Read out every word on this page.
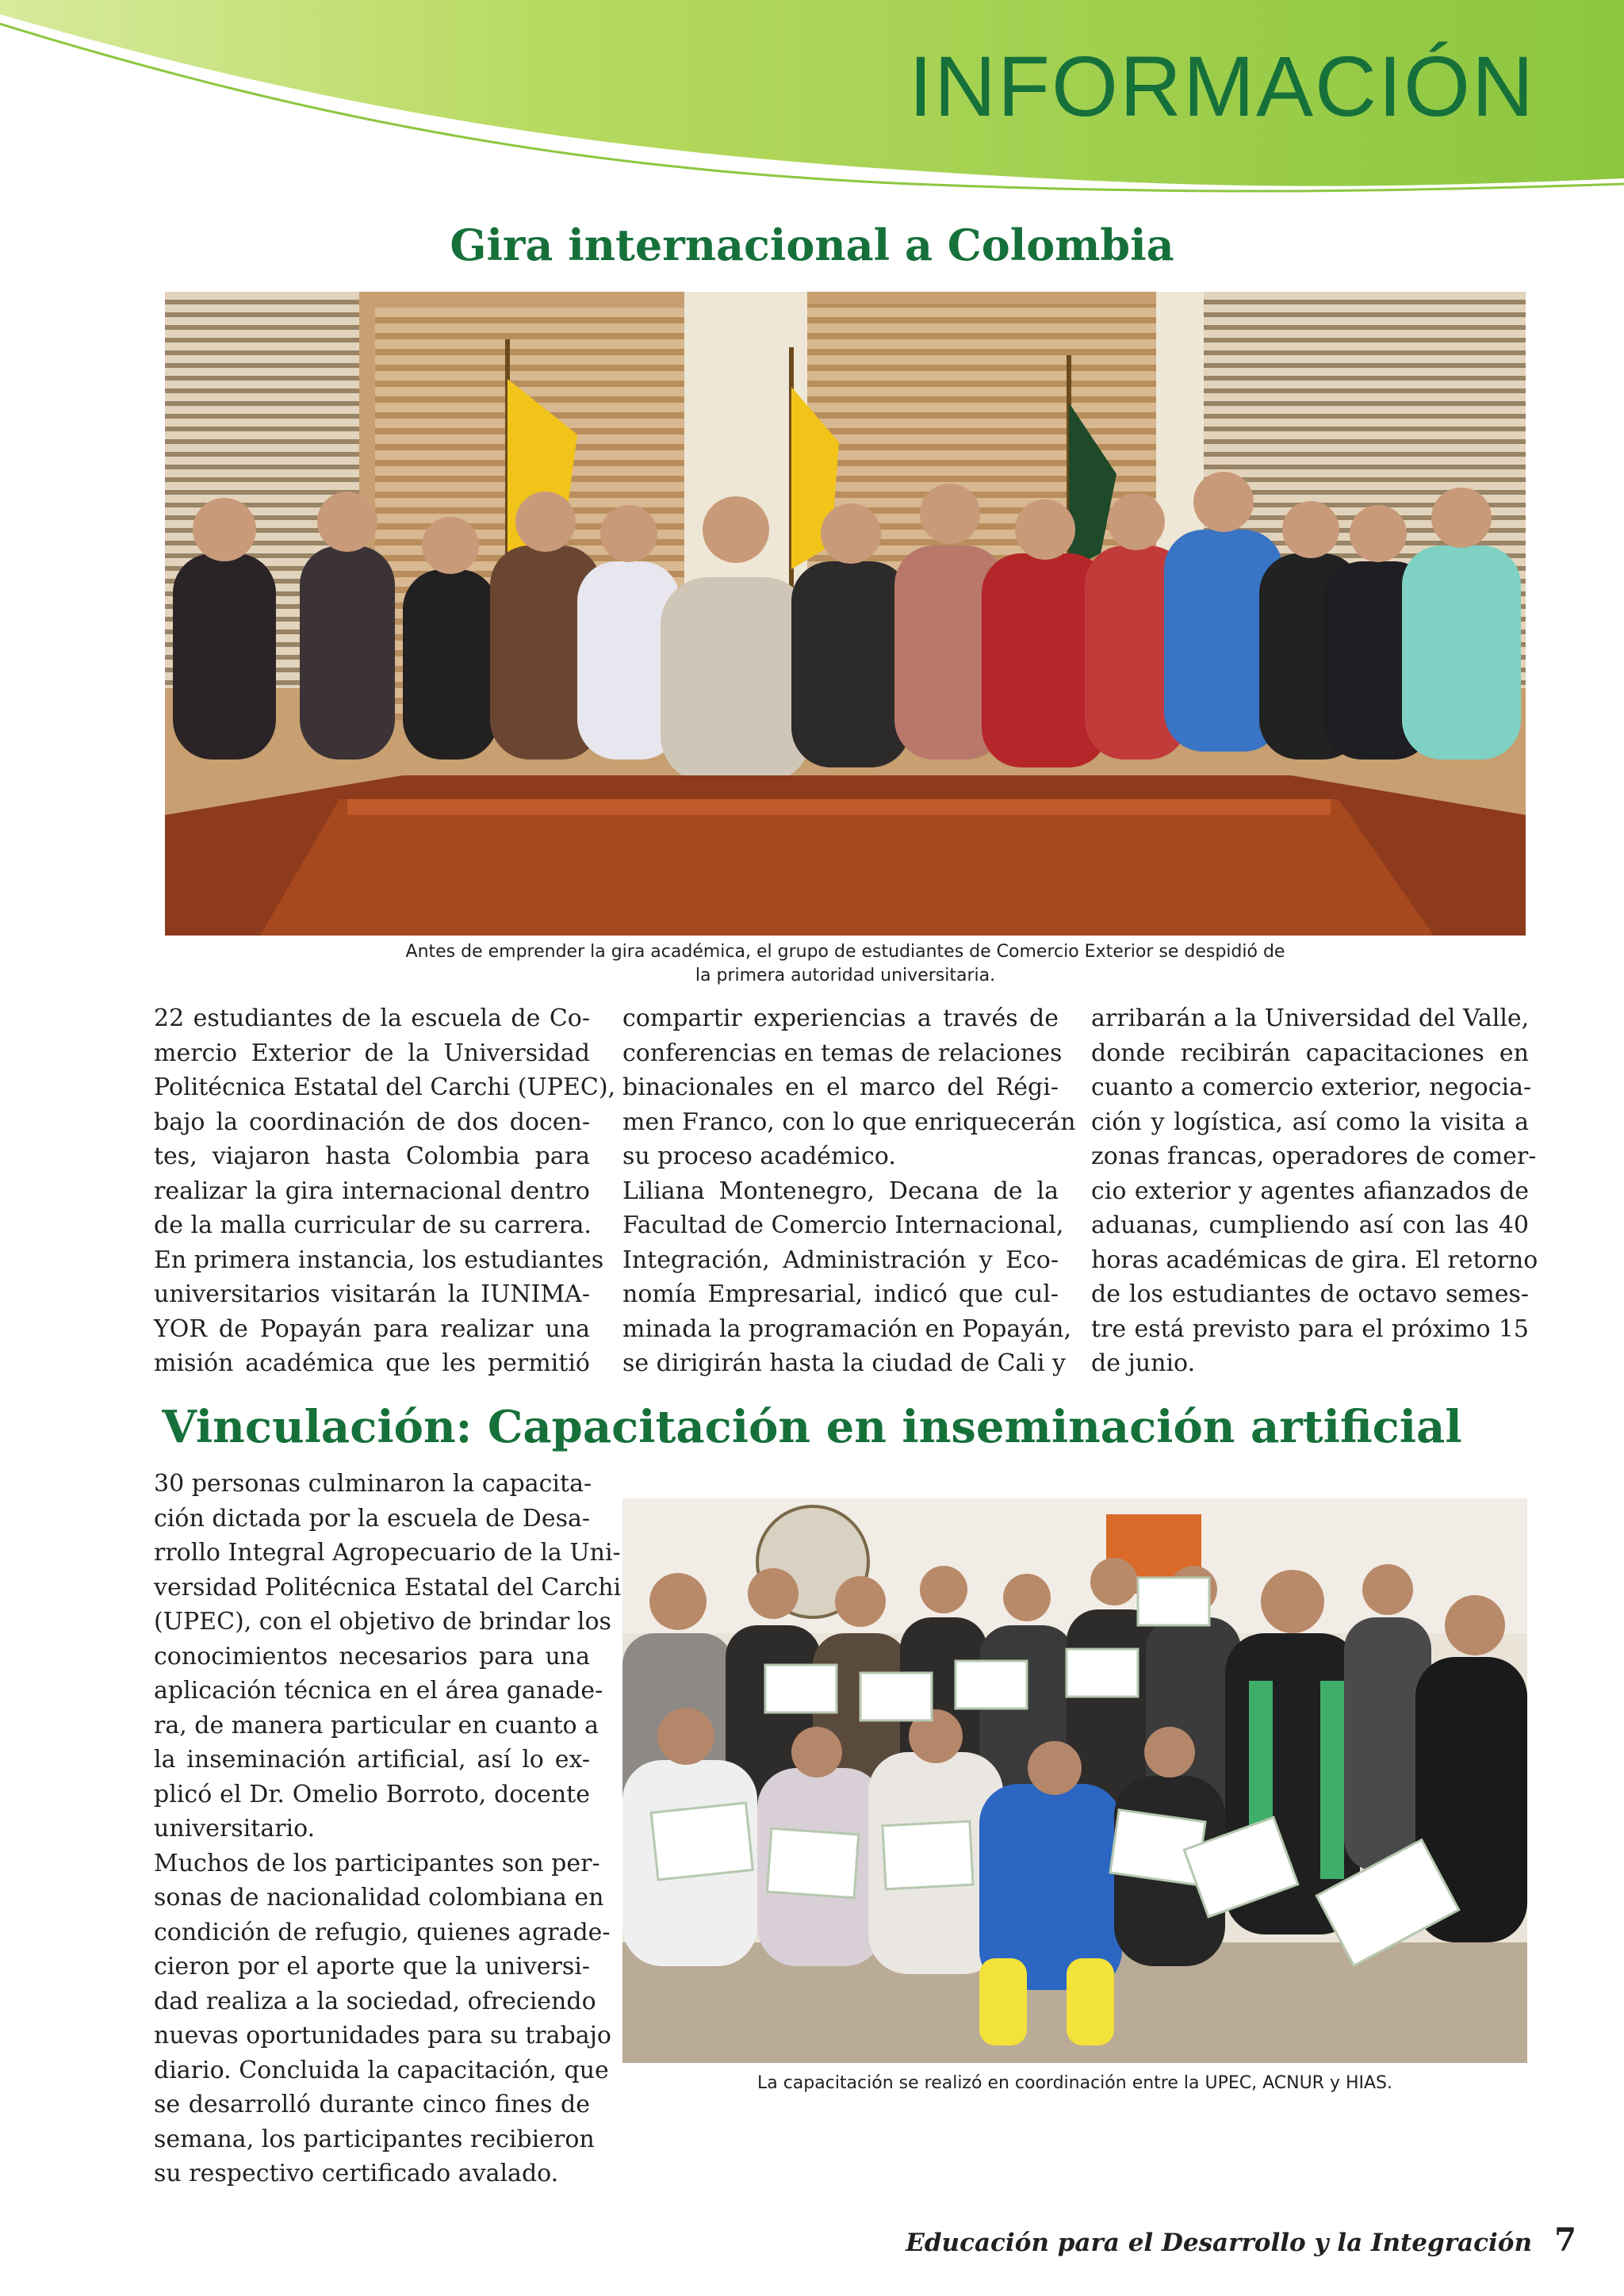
INFORMACIÓN
Gira internacional a Colombia
Antes de emprender la gira académica, el grupo de estudiantes de Comercio Exterior se despidió de
la primera autoridad universitaria.
22 estudiantes de la escuela de Co-
mercio Exterior de la Universidad
Politécnica Estatal del Carchi (UPEC),
bajo la coordinación de dos docen-
tes, viajaron hasta Colombia para
realizar la gira internacional dentro
de la malla curricular de su carrera.
En primera instancia, los estudiantes
universitarios visitarán la IUNIMA-
YOR de Popayán para realizar una
misión académica que les permitió
compartir experiencias a través de
conferencias en temas de relaciones
binacionales en el marco del Régi-
men Franco, con lo que enriquecerán
su proceso académico.
Liliana Montenegro, Decana de la
Facultad de Comercio Internacional,
Integración, Administración y Eco-
nomía Empresarial, indicó que cul-
minada la programación en Popayán,
se dirigirán hasta la ciudad de Cali y
arribarán a la Universidad del Valle,
donde recibirán capacitaciones en
cuanto a comercio exterior, negocia-
ción y logística, así como la visita a
zonas francas, operadores de comer-
cio exterior y agentes afianzados de
aduanas, cumpliendo así con las 40
horas académicas de gira. El retorno
de los estudiantes de octavo semes-
tre está previsto para el próximo 15
de junio.
Vinculación: Capacitación en inseminación artificial
30 personas culminaron la capacita-
ción dictada por la escuela de Desa-
rrollo Integral Agropecuario de la Uni-
versidad Politécnica Estatal del Carchi
(UPEC), con el objetivo de brindar los
conocimientos necesarios para una
aplicación técnica en el área ganade-
ra, de manera particular en cuanto a
la inseminación artificial, así lo ex-
plicó el Dr. Omelio Borroto, docente
universitario.
Muchos de los participantes son per-
sonas de nacionalidad colombiana en
condición de refugio, quienes agrade-
cieron por el aporte que la universi-
dad realiza a la sociedad, ofreciendo
nuevas oportunidades para su trabajo
diario. Concluida la capacitación, que
se desarrolló durante cinco fines de
semana, los participantes recibieron
su respectivo certificado avalado.
La capacitación se realizó en coordinación entre la UPEC, ACNUR y HIAS.
Educación para el Desarrollo y la Integración 7
